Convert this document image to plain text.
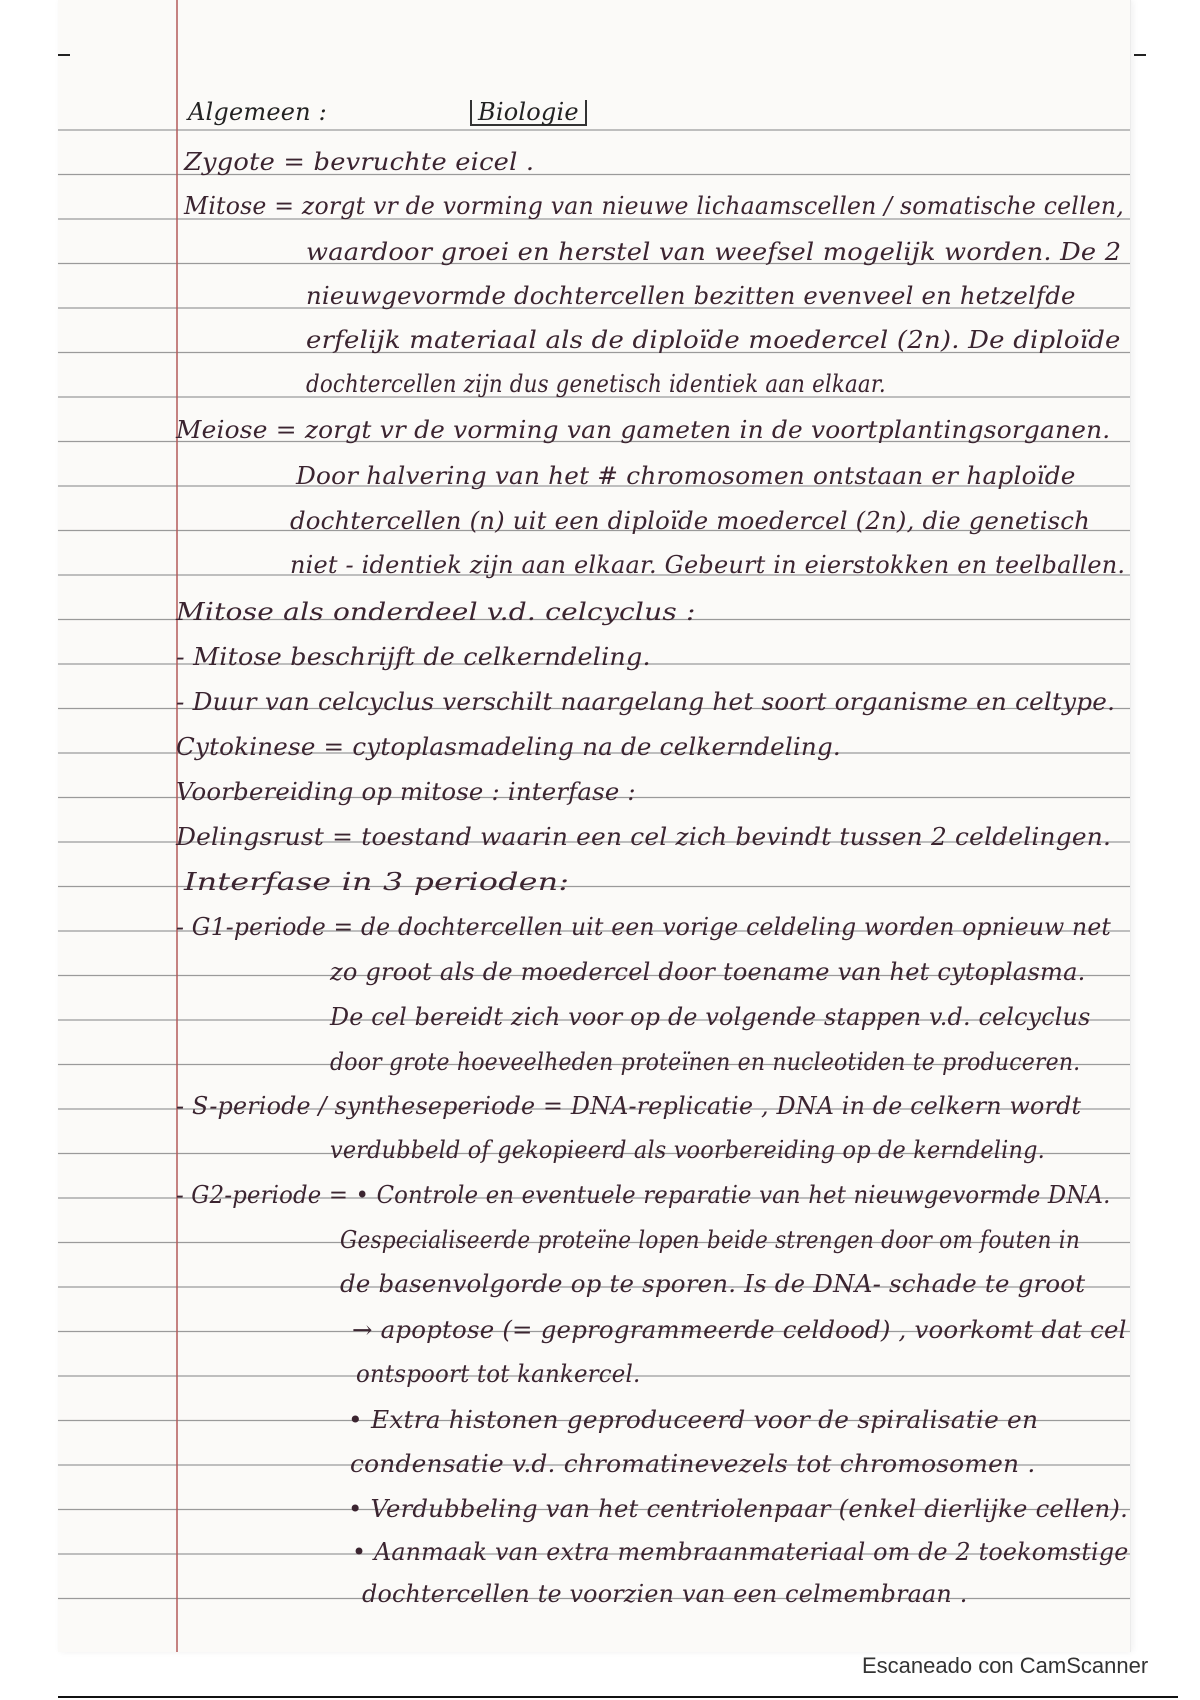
Algemeen :	Biologie

Zygote = bevruchte eicel .

Mitose = zorgt vr de vorming van nieuwe lichaamscellen / somatische cellen,

waardoor groei en herstel van weefsel mogelijk worden. De 2

nieuwgevormde dochtercellen bezitten evenveel en hetzelfde

erfelijk materiaal als de diploïde moedercel (2n). De diploïde

dochtercellen zijn dus genetisch identiek aan elkaar.

Meiose = zorgt vr de vorming van gameten in de voortplantingsorganen.

Door halvering van het # chromosomen ontstaan er haploïde

dochtercellen (n) uit een diploïde moedercel (2n), die genetisch

niet - identiek zijn aan elkaar. Gebeurt in eierstokken en teelballen.

Mitose als onderdeel v.d. celcyclus :

- Mitose beschrijft de celkerndeling.

- Duur van celcyclus verschilt naargelang het soort organisme en celtype.

Cytokinese = cytoplasmadeling na de celkerndeling.

Voorbereiding op mitose : interfase :

Delingsrust = toestand waarin een cel zich bevindt tussen 2 celdelingen.

Interfase in 3 perioden:

- G1-periode = de dochtercellen uit een vorige celdeling worden opnieuw net

zo groot als de moedercel door toename van het cytoplasma.

De cel bereidt zich voor op de volgende stappen v.d. celcyclus

door grote hoeveelheden proteïnen en nucleotiden te produceren.

- S-periode / syntheseperiode = DNA-replicatie , DNA in de celkern wordt

verdubbeld of gekopieerd als voorbereiding op de kerndeling.

- G2-periode = • Controle en eventuele reparatie van het nieuwgevormde DNA.

Gespecialiseerde proteïne lopen beide strengen door om fouten in

de basenvolgorde op te sporen. Is de DNA- schade te groot

→ apoptose (= geprogrammeerde celdood) , voorkomt dat cel

ontspoort tot kankercel.

• Extra histonen geproduceerd voor de spiralisatie en

condensatie v.d. chromatinevezels tot chromosomen .

• Verdubbeling van het centriolenpaar (enkel dierlijke cellen).

• Aanmaak van extra membraanmateriaal om de 2 toekomstige

dochtercellen te voorzien van een celmembraan .

Escaneado con CamScanner
